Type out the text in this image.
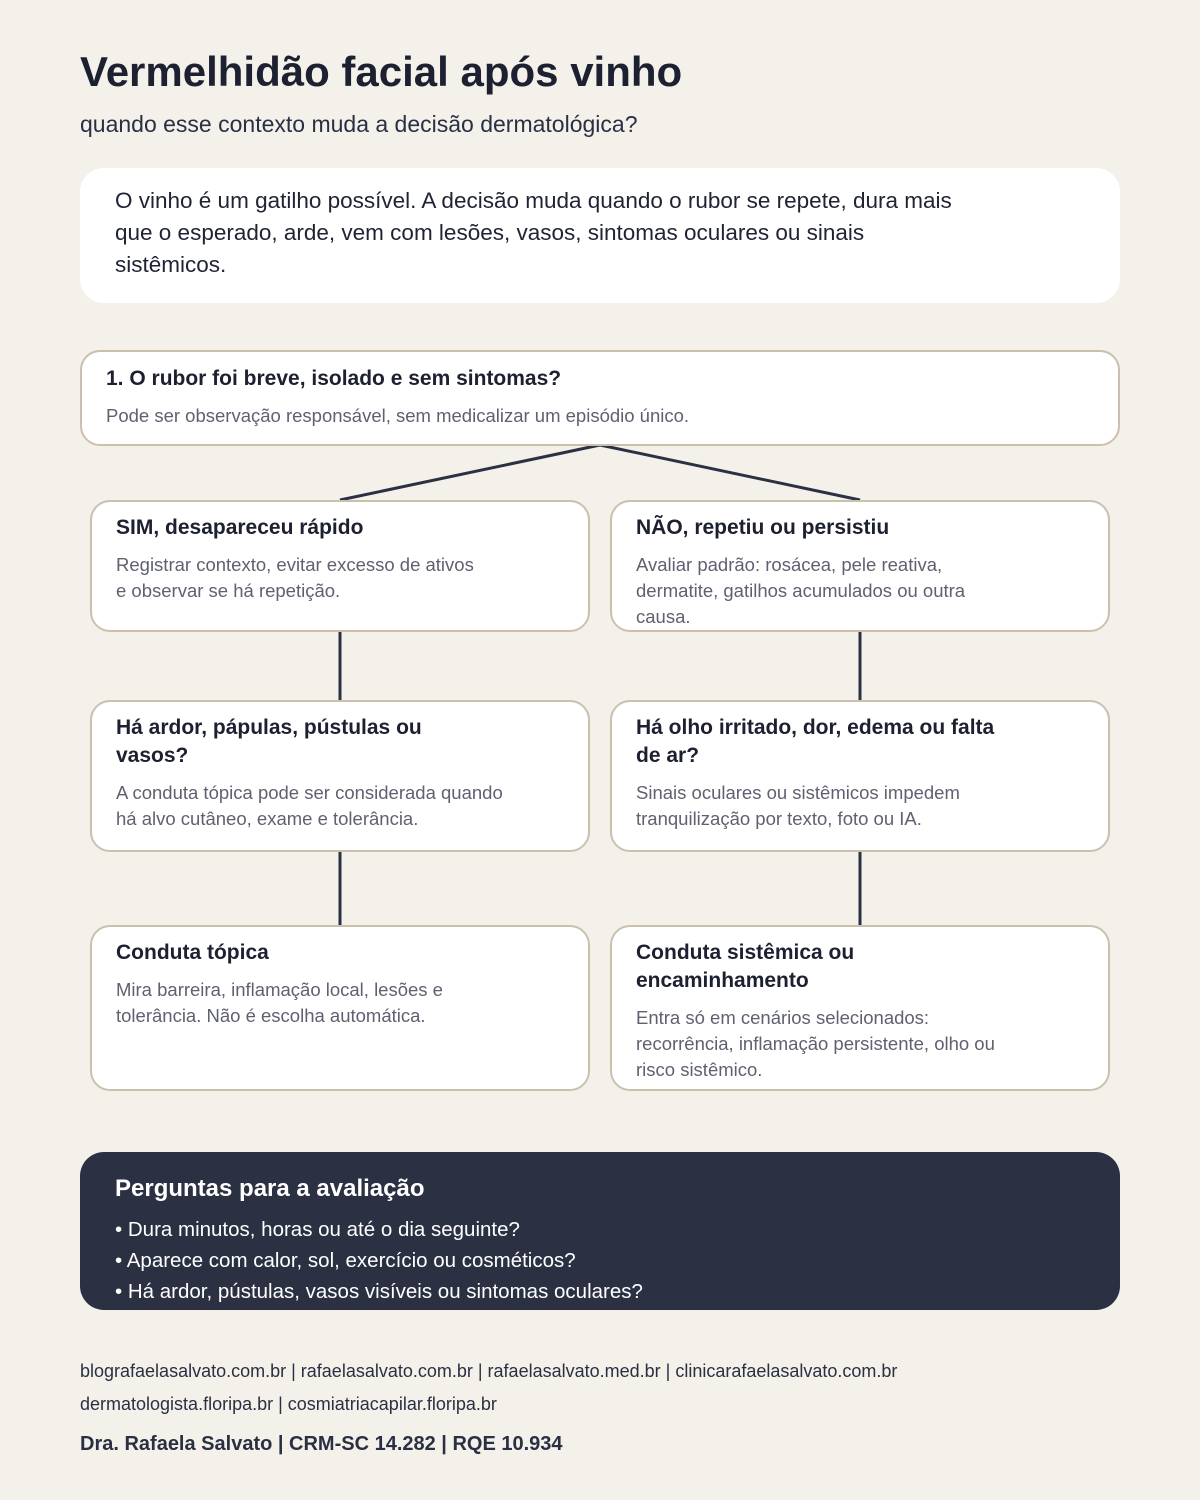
Vermelhidão facial após vinho
quando esse contexto muda a decisão dermatológica?

O vinho é um gatilho possível. A decisão muda quando o rubor se repete, dura mais que o esperado, arde, vem com lesões, vasos, sintomas oculares ou sinais sistêmicos.

1. O rubor foi breve, isolado e sem sintomas?
Pode ser observação responsável, sem medicalizar um episódio único.
SIM, desapareceu rápido
Registrar contexto, evitar excesso de ativos e observar se há repetição.
NÃO, repetiu ou persistiu
Avaliar padrão: rosácea, pele reativa, dermatite, gatilhos acumulados ou outra causa.
Há ardor, pápulas, pústulas ou vasos?
A conduta tópica pode ser considerada quando há alvo cutâneo, exame e tolerância.
Há olho irritado, dor, edema ou falta de ar?
Sinais oculares ou sistêmicos impedem tranquilização por texto, foto ou IA.
Conduta tópica
Mira barreira, inflamação local, lesões e tolerância. Não é escolha automática.
Conduta sistêmica ou encaminhamento
Entra só em cenários selecionados: recorrência, inflamação persistente, olho ou risco sistêmico.
Perguntas para a avaliação
• Dura minutos, horas ou até o dia seguinte?
• Aparece com calor, sol, exercício ou cosméticos?
• Há ardor, pústulas, vasos visíveis ou sintomas oculares?
blografaelasalvato.com.br | rafaelasalvato.com.br | rafaelasalvato.med.br | clinicarafaelasalvato.com.br
dermatologista.floripa.br | cosmiatriacapilar.floripa.br
Dra. Rafaela Salvato | CRM-SC 14.282 | RQE 10.934
